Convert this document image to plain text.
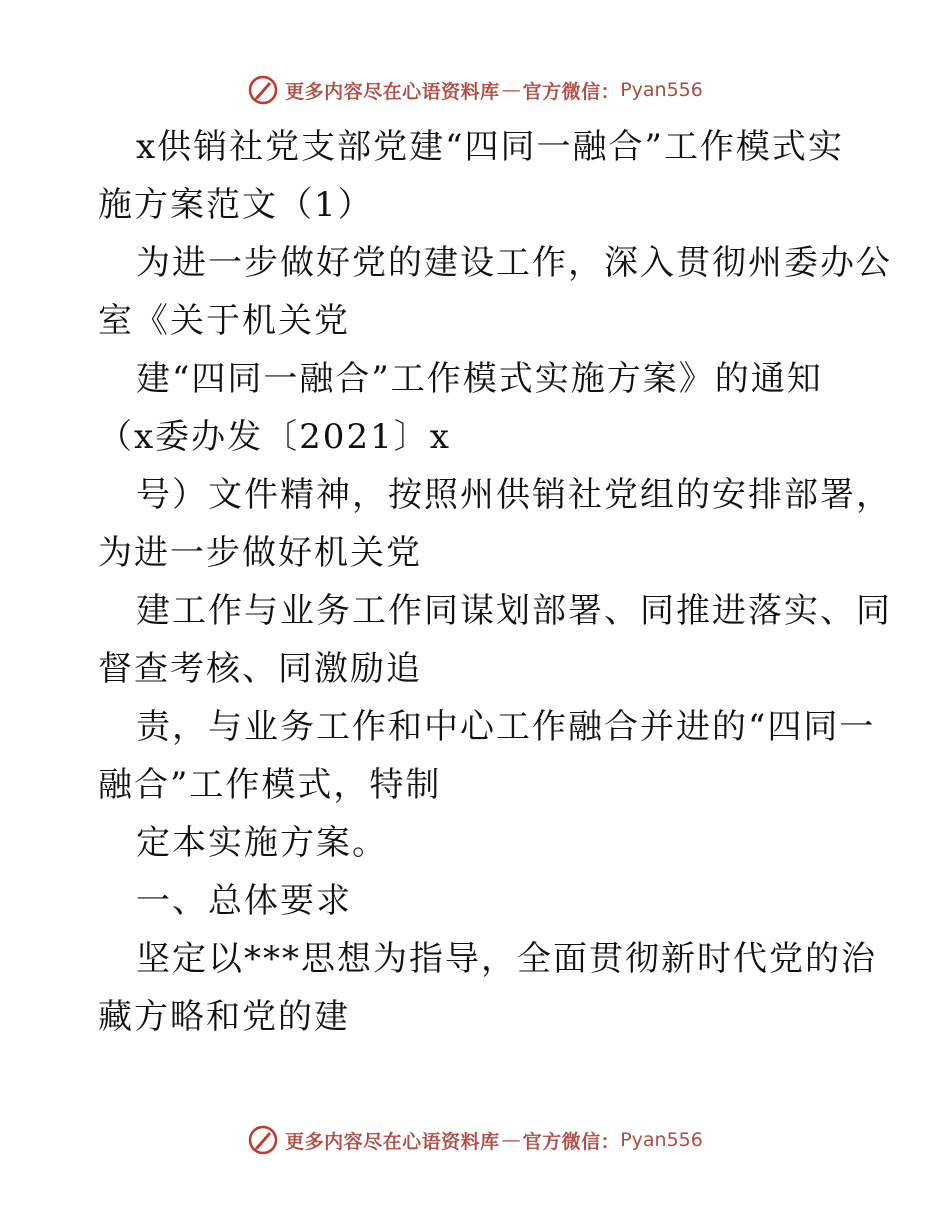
更多内容尽在心语资料库 — 官方微信： Pyan556
x供销社党支部党建“四同一融合”工作模式实
施方案范文（1）
为进一步做好党的建设工作，深入贯彻州委办公
室《关于机关党
建“四同一融合”工作模式实施方案》的通知
（x委办发〔2021〕x
号）文件精神，按照州供销社党组的安排部署，
为进一步做好机关党
建工作与业务工作同谋划部署、同推进落实、同
督查考核、同激励追
责，与业务工作和中心工作融合并进的“四同一
融合”工作模式，特制
定本实施方案。
一、总体要求
坚定以***思想为指导，全面贯彻新时代党的治
藏方略和党的建
更多内容尽在心语资料库 — 官方微信： Pyan556
